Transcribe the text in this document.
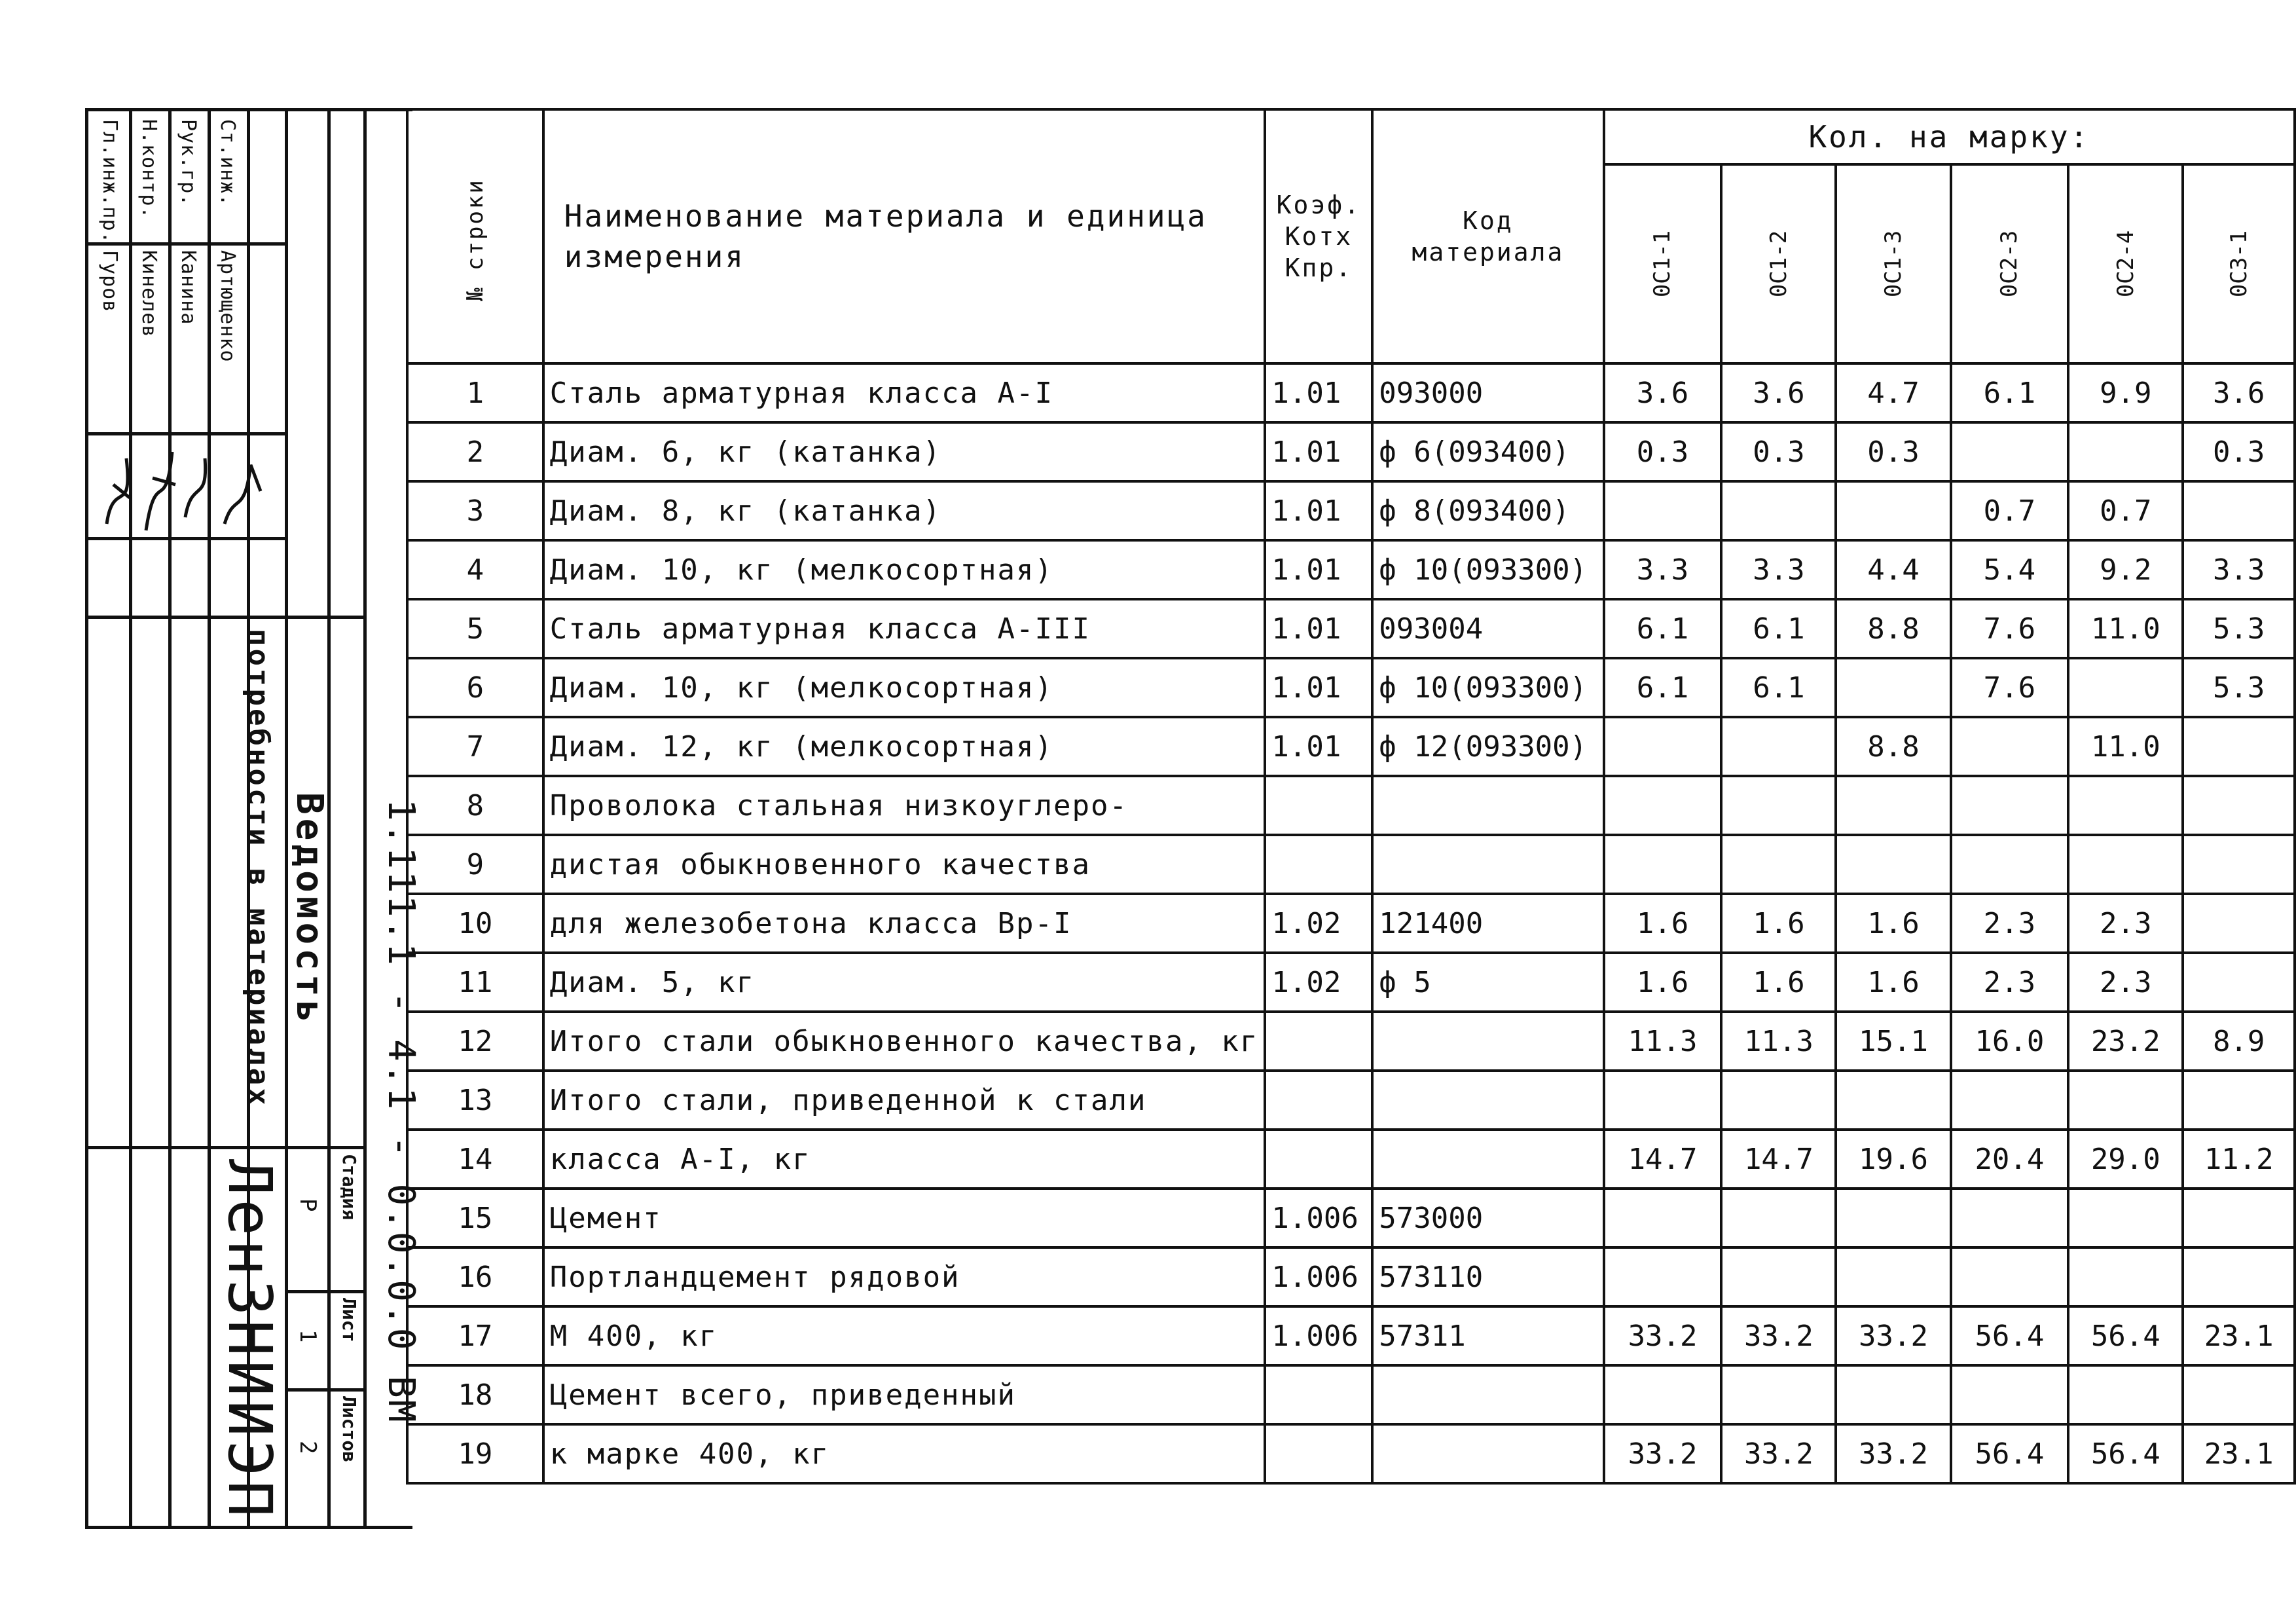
Гл.инж.пр. Н.контр. Рук.гр. Ст.инж.
Гуров Кинелев Канина Артющенко
Ведомость
потребности в материалах	1.111.1 - 4.1 - 0.0.0.0 ВМ
Стадия
Лист
Листов
Р
1
2
ЛенЗНИИЭП
№ строки	Наименование материала и единица измерения	Коэф. Котх Кпр.	Код материала	Кол. на марку:					
				0С1-1	0С1-2	0С1-3	0С2-3	0С2-4	0С3-1
1	Сталь арматурная класса А-I	1.01	093000	3.6	3.6	4.7	6.1	9.9	3.6
2	Диам. 6, кг (катанка)	1.01	ф 6(093400)	0.3	0.3	0.3			0.3
3	Диам. 8, кг (катанка)	1.01	ф 8(093400)				0.7	0.7	
4	Диам. 10, кг (мелкосортная)	1.01	ф 10(093300)	3.3	3.3	4.4	5.4	9.2	3.3
5	Сталь арматурная класса А-III	1.01	093004	6.1	6.1	8.8	7.6	11.0	5.3
6	Диам. 10, кг (мелкосортная)	1.01	ф 10(093300)	6.1	6.1		7.6		5.3
7	Диам. 12, кг (мелкосортная)	1.01	ф 12(093300)			8.8		11.0	
8	Проволока стальная низкоуглеро-								
9	дистая обыкновенного качества								
10	для железобетона класса Вр-I	1.02	121400	1.6	1.6	1.6	2.3	2.3	
11	Диам. 5, кг	1.02	ф 5	1.6	1.6	1.6	2.3	2.3	
12	Итого стали обыкновенного качества, кг			11.3	11.3	15.1	16.0	23.2	8.9
13	Итого стали, приведенной к стали								
14	класса А-I, кг			14.7	14.7	19.6	20.4	29.0	11.2
15	Цемент	1.006	573000						
16	Портландцемент рядовой	1.006	573110						
17	М 400, кг	1.006	57311	33.2	33.2	33.2	56.4	56.4	23.1
18	Цемент всего, приведенный								
19	к марке 400, кг			33.2	33.2	33.2	56.4	56.4	23.1
